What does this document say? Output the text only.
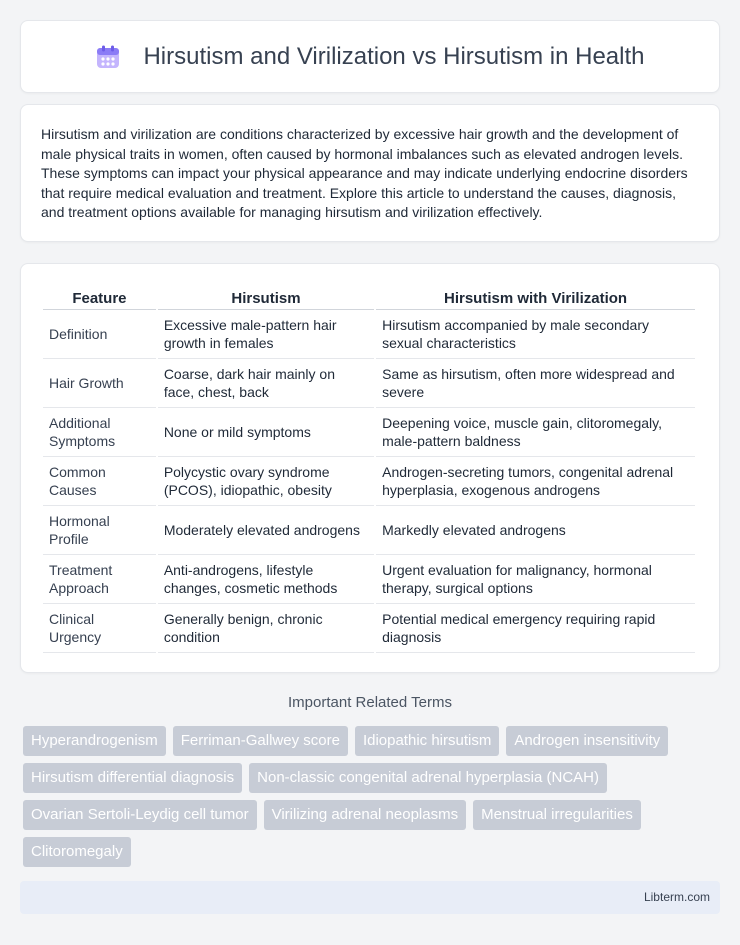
Hirsutism and Virilization vs Hirsutism in Health

Hirsutism and virilization are conditions characterized by excessive hair growth and the development of male physical traits in women, often caused by hormonal imbalances such as elevated androgen levels. These symptoms can impact your physical appearance and may indicate underlying endocrine disorders that require medical evaluation and treatment. Explore this article to understand the causes, diagnosis, and treatment options available for managing hirsutism and virilization effectively.

Feature	Hirsutism	Hirsutism with Virilization
Definition	Excessive male-pattern hair growth in females	Hirsutism accompanied by male secondary sexual characteristics
Hair Growth	Coarse, dark hair mainly on face, chest, back	Same as hirsutism, often more widespread and severe
Additional Symptoms	None or mild symptoms	Deepening voice, muscle gain, clitoromegaly, male-pattern baldness
Common Causes	Polycystic ovary syndrome (PCOS), idiopathic, obesity	Androgen-secreting tumors, congenital adrenal hyperplasia, exogenous androgens
Hormonal Profile	Moderately elevated androgens	Markedly elevated androgens
Treatment Approach	Anti-androgens, lifestyle changes, cosmetic methods	Urgent evaluation for malignancy, hormonal therapy, surgical options
Clinical Urgency	Generally benign, chronic condition	Potential medical emergency requiring rapid diagnosis
Important Related Terms
Hyperandrogenism	Ferriman-Gallwey score	Idiopathic hirsutism	Androgen insensitivity
Hirsutism differential diagnosis	Non-classic congenital adrenal hyperplasia (NCAH)
Ovarian Sertoli-Leydig cell tumor	Virilizing adrenal neoplasms	Menstrual irregularities
Clitoromegaly
Libterm.com
